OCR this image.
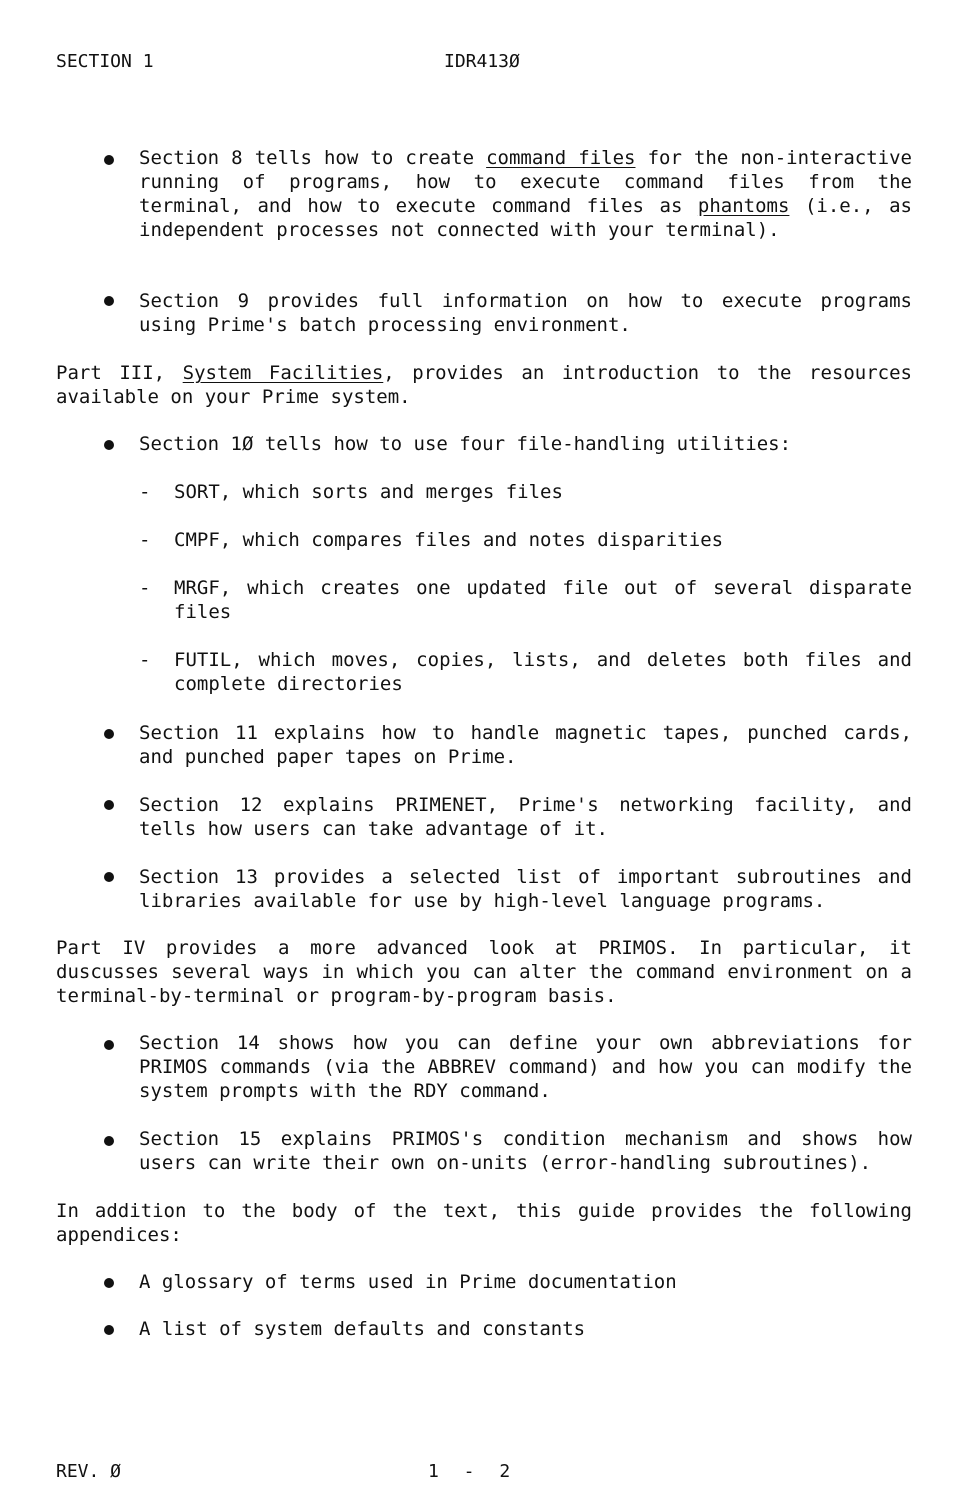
SECTION 1	IDR413Ø

Section 8 tells how to create command files for the non-interactive running of programs, how to execute command files from the terminal, and how to execute command files as phantoms (i.e., as independent processes not connected with your terminal).

Section 9 provides full information on how to execute programs using Prime's batch processing environment.

Part III, System Facilities, provides an introduction to the resources available on your Prime system.

Section 1Ø tells how to use four file-handling utilities:

- SORT, which sorts and merges files

- CMPF, which compares files and notes disparities

- MRGF, which creates one updated file out of several disparate files

- FUTIL, which moves, copies, lists, and deletes both files and complete directories

Section 11 explains how to handle magnetic tapes, punched cards, and punched paper tapes on Prime.

Section 12 explains PRIMENET, Prime's networking facility, and tells how users can take advantage of it.

Section 13 provides a selected list of important subroutines and libraries available for use by high-level language programs.

Part IV provides a more advanced look at PRIMOS. In particular, it duscusses several ways in which you can alter the command environment on a terminal-by-terminal or program-by-program basis.

Section 14 shows how you can define your own abbreviations for PRIMOS commands (via the ABBREV command) and how you can modify the system prompts with the RDY command.

Section 15 explains PRIMOS's condition mechanism and shows how users can write their own on-units (error-handling subroutines).

In addition to the body of the text, this guide provides the following appendices:

A glossary of terms used in Prime documentation

A list of system defaults and constants

REV. Ø	1 - 2
